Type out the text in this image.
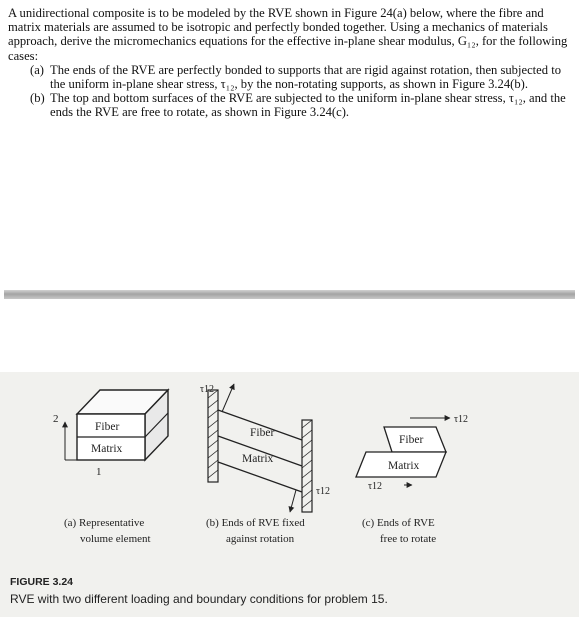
A unidirectional composite is to be modeled by the RVE shown in Figure 24(a) below, where the fibre and matrix materials are assumed to be isotropic and perfectly bonded together. Using a mechanics of materials approach, derive the micromechanics equations for the effective in-plane shear modulus, G₁₂, for the following cases:

(a) The ends of the RVE are perfectly bonded to supports that are rigid against rotation, then subjected to the uniform in-plane shear stress, τ₁₂, by the non-rotating supports, as shown in Figure 3.24(b).
(b) The top and bottom surfaces of the RVE are subjected to the uniform in-plane shear stress, τ₁₂, and the ends the RVE are free to rotate, as shown in Figure 3.24(c).
2
1
Fiber
Matrix
τ12
τ12
Fiber
Matrix
τ12
τ12
Fiber
Matrix
(a) Representative
volume element
(b) Ends of RVE fixed
against rotation
(c) Ends of RVE
free to rotate
FIGURE 3.24
RVE with two different loading and boundary conditions for problem 15.
